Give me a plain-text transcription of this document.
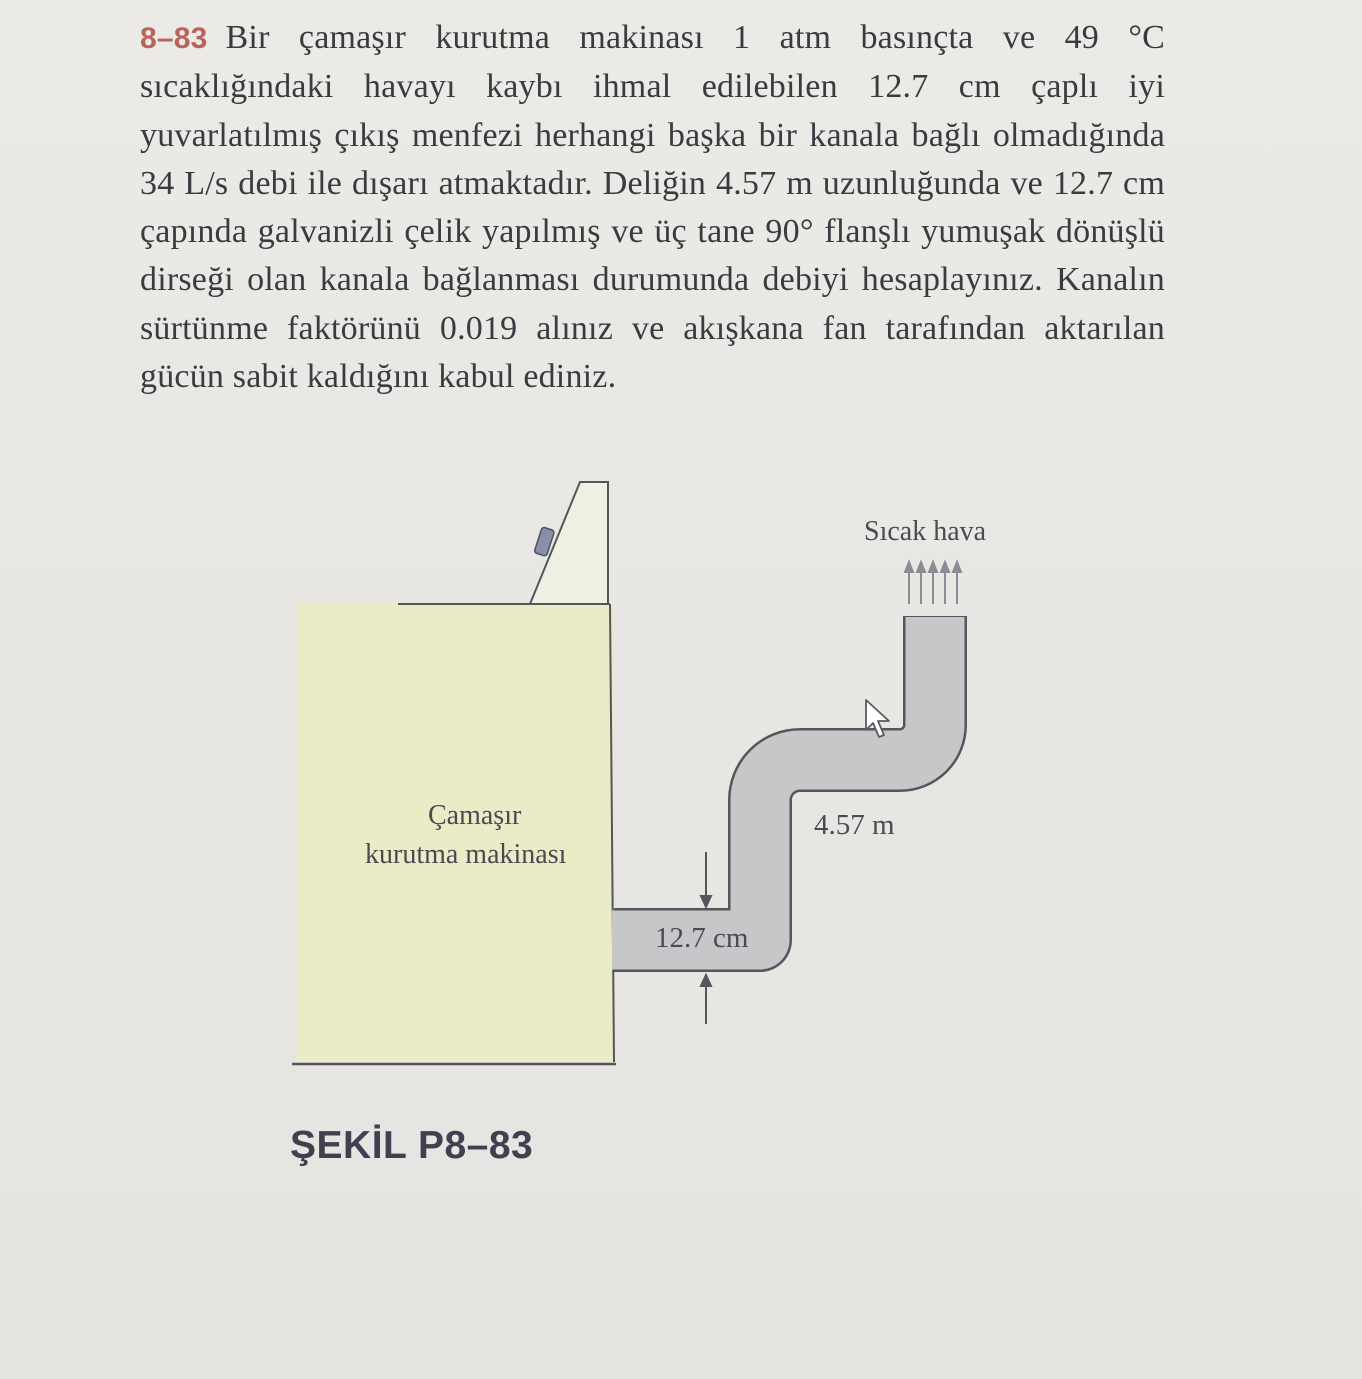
8–83 Bir çamaşır kurutma makinası 1 atm basınçta ve 49 °C sıcaklığındaki havayı kaybı ihmal edilebilen 12.7 cm çaplı iyi yuvarlatılmış çıkış menfezi herhangi başka bir kanala bağlı olmadığında 34 L/s debi ile dışarı atmaktadır. Deliğin 4.57 m uzunluğunda ve 12.7 cm çapında galvanizli çelik yapılmış ve üç tane 90° flanşlı yumuşak dönüşlü dirseği olan kanala bağlanması durumunda debiyi hesaplayınız. Kanalın sürtünme faktörünü 0.019 alınız ve akışkana fan tarafından aktarılan gücün sabit kaldığını kabul ediniz.
Çamaşır
kurutma makinası
Sıcak hava
4.57 m
12.7 cm
ŞEKİL P8–83
